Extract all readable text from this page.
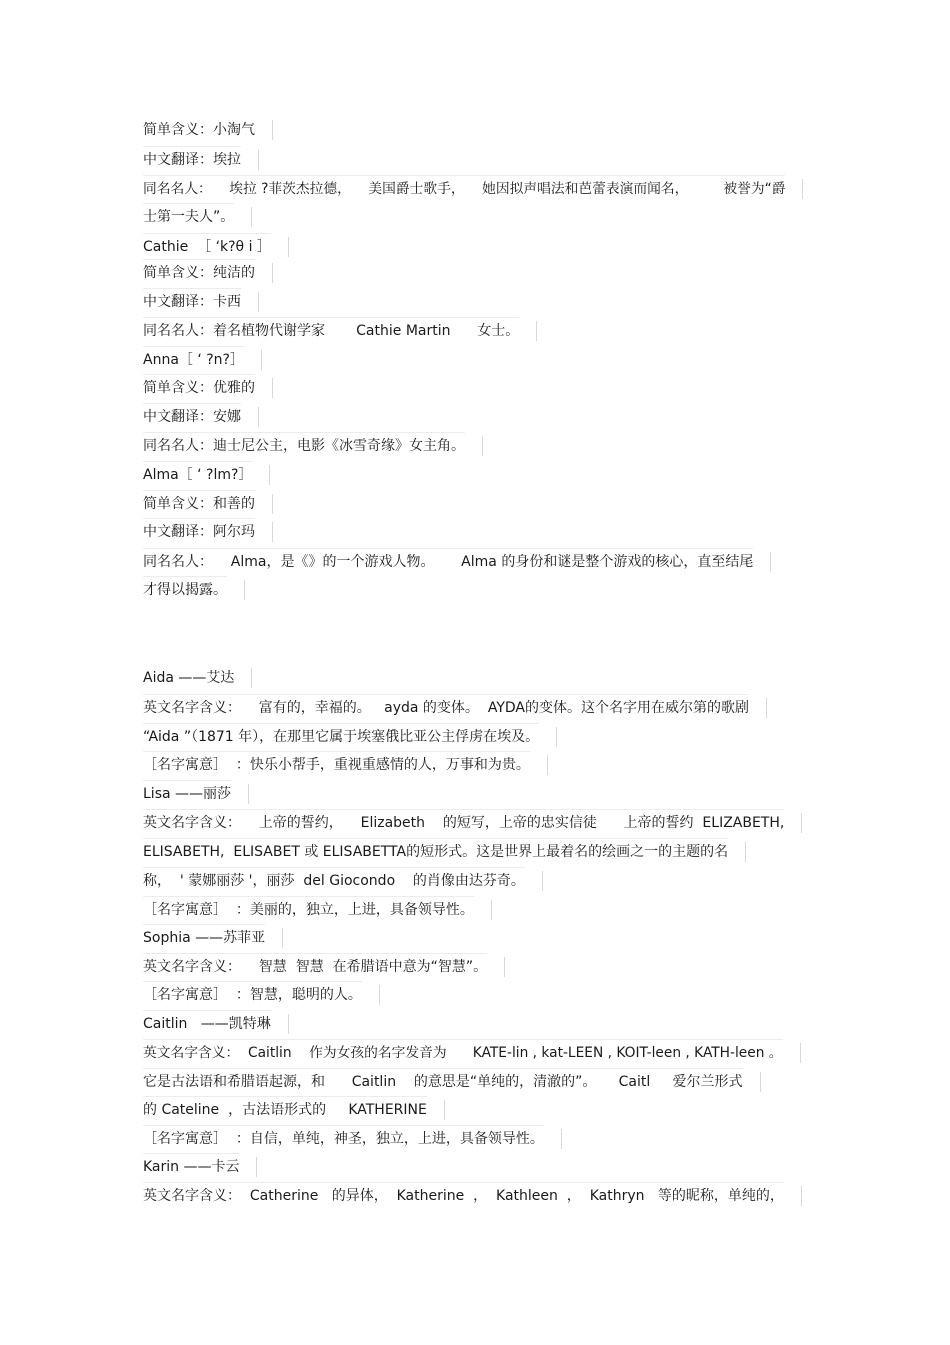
简单含义：小淘气
中文翻译：埃拉
同名名人：    埃拉 ?菲茨杰拉德，    美国爵士歌手，    她因拟声唱法和芭蕾表演而闻名，        被誉为“爵
士第一夫人”。
Cathie  ［ ‘k?θ i ］
简单含义：纯洁的
中文翻译：卡西
同名名人：着名植物代谢学家       Cathie Martin      女士。
Anna［ ‘ ?n?］
简单含义：优雅的
中文翻译：安娜
同名名人：迪士尼公主，电影《冰雪奇缘》女主角。
Alma［ ‘ ?lm?］
简单含义：和善的
中文翻译：阿尔玛
同名名人：    Alma，是《》的一个游戏人物。      Alma 的身份和谜是整个游戏的核心，直至结尾
才得以揭露。
Aida ——艾达
英文名字含义：    富有的，幸福的。   ayda 的变体。  AYDA的变体。这个名字用在威尔第的歌剧
“Aida ”（1871 年），在那里它属于埃塞俄比亚公主俘虏在埃及。
［名字寓意］  ：快乐小帮手，重视重感情的人，万事和为贵。
Lisa ——丽莎
英文名字含义：    上帝的誓约，    Elizabeth    的短写，上帝的忠实信徒      上帝的誓约  ELIZABETH,
ELISABETH,  ELISABET 或 ELISABETTA的短形式。这是世界上最着名的绘画之一的主题的名
称，  ' 蒙娜丽莎 '，丽莎  del Giocondo    的肖像由达芬奇。
［名字寓意］  ：美丽的，独立，上进，具备领导性。
Sophia ——苏菲亚
英文名字含义：    智慧  智慧  在希腊语中意为“智慧”。
［名字寓意］  ：智慧，聪明的人。
Caitlin   ——凯特琳
英文名字含义：  Caitlin    作为女孩的名字发音为      KATE-lin , kat-LEEN , KOIT-leen , KATH-leen 。
它是古法语和希腊语起源，和      Caitlin    的意思是“单纯的，清澈的”。     Caitl     爱尔兰形式
的 Cateline  ，古法语形式的     KATHERINE
［名字寓意］  ：自信，单纯，神圣，独立，上进，具备领导性。
Karin ——卡云
英文名字含义：  Catherine   的异体，  Katherine  ，  Kathleen  ，  Kathryn   等的昵称，单纯的，
